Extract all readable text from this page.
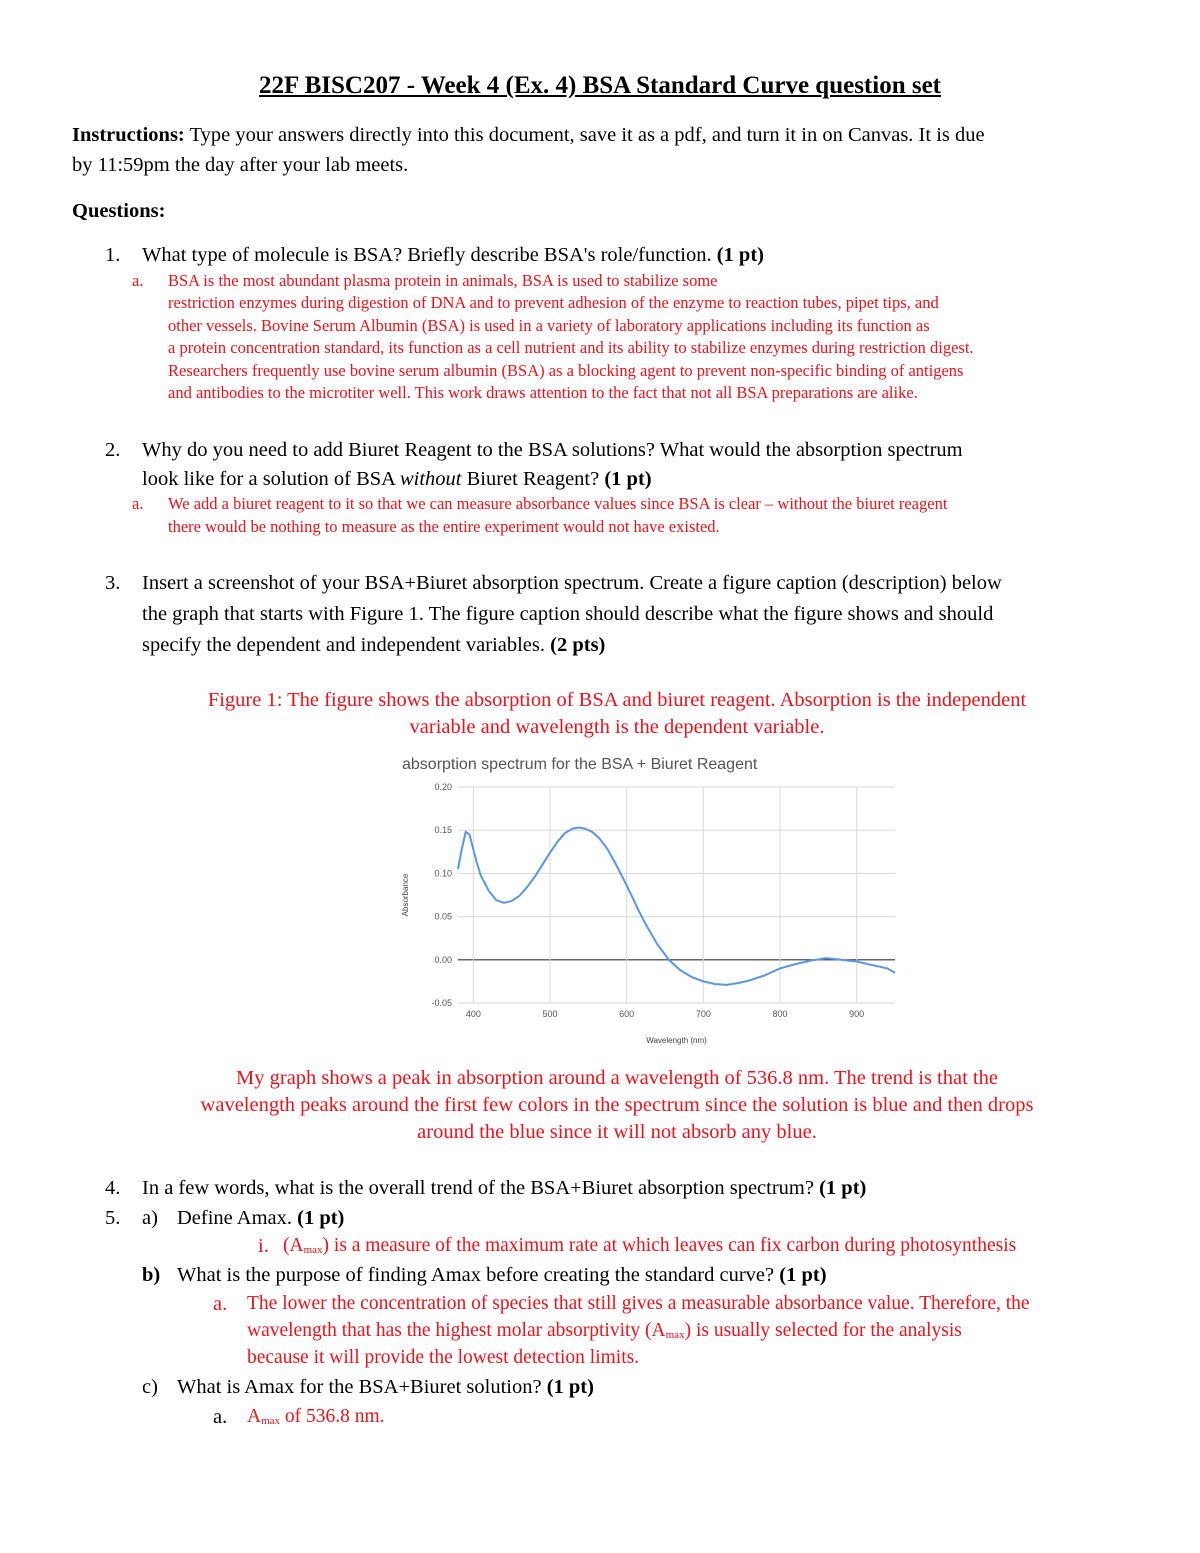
22F BISC207 - Week 4 (Ex. 4) BSA Standard Curve question set
Instructions: Type your answers directly into this document, save it as a pdf, and turn it in on Canvas. It is due
by 11:59pm the day after your lab meets.
Questions:
1. What type of molecule is BSA? Briefly describe BSA's role/function. (1 pt)
a. BSA is the most abundant plasma protein in animals, BSA is used to stabilize some
restriction enzymes during digestion of DNA and to prevent adhesion of the enzyme to reaction tubes, pipet tips, and
other vessels. Bovine Serum Albumin (BSA) is used in a variety of laboratory applications including its function as
a protein concentration standard, its function as a cell nutrient and its ability to stabilize enzymes during restriction digest.
Researchers frequently use bovine serum albumin (BSA) as a blocking agent to prevent non-specific binding of antigens
and antibodies to the microtiter well. This work draws attention to the fact that not all BSA preparations are alike.
2. Why do you need to add Biuret Reagent to the BSA solutions? What would the absorption spectrum
look like for a solution of BSA without Biuret Reagent? (1 pt)
a. We add a biuret reagent to it so that we can measure absorbance values since BSA is clear – without the biuret reagent
there would be nothing to measure as the entire experiment would not have existed.
3. Insert a screenshot of your BSA+Biuret absorption spectrum. Create a figure caption (description) below
the graph that starts with Figure 1. The figure caption should describe what the figure shows and should
specify the dependent and independent variables. (2 pts)
Figure 1: The figure shows the absorption of BSA and biuret reagent. Absorption is the independent
variable and wavelength is the dependent variable.
absorption spectrum for the BSA + Biuret Reagent
0.20
0.15
0.10
0.05
0.00
-0.05
400	500	600	700	800	900
Absorbance
Wavelength (nm)
My graph shows a peak in absorption around a wavelength of 536.8 nm. The trend is that the
wavelength peaks around the first few colors in the spectrum since the solution is blue and then drops
around the blue since it will not absorb any blue.
4. In a few words, what is the overall trend of the BSA+Biuret absorption spectrum? (1 pt)
5. a) Define Amax. (1 pt)
i. $(A_{max})$ is a measure of the maximum rate at which leaves can fix carbon during photosynthesis
b) What is the purpose of finding Amax before creating the standard curve? (1 pt)
a. The lower the concentration of species that still gives a measurable absorbance value. Therefore, the
wavelength that has the highest molar absorptivity $(A_{max})$ is usually selected for the analysis
because it will provide the lowest detection limits.
c) What is Amax for the BSA+Biuret solution? (1 pt)
a. $A_{max}$ of 536.8 nm.
